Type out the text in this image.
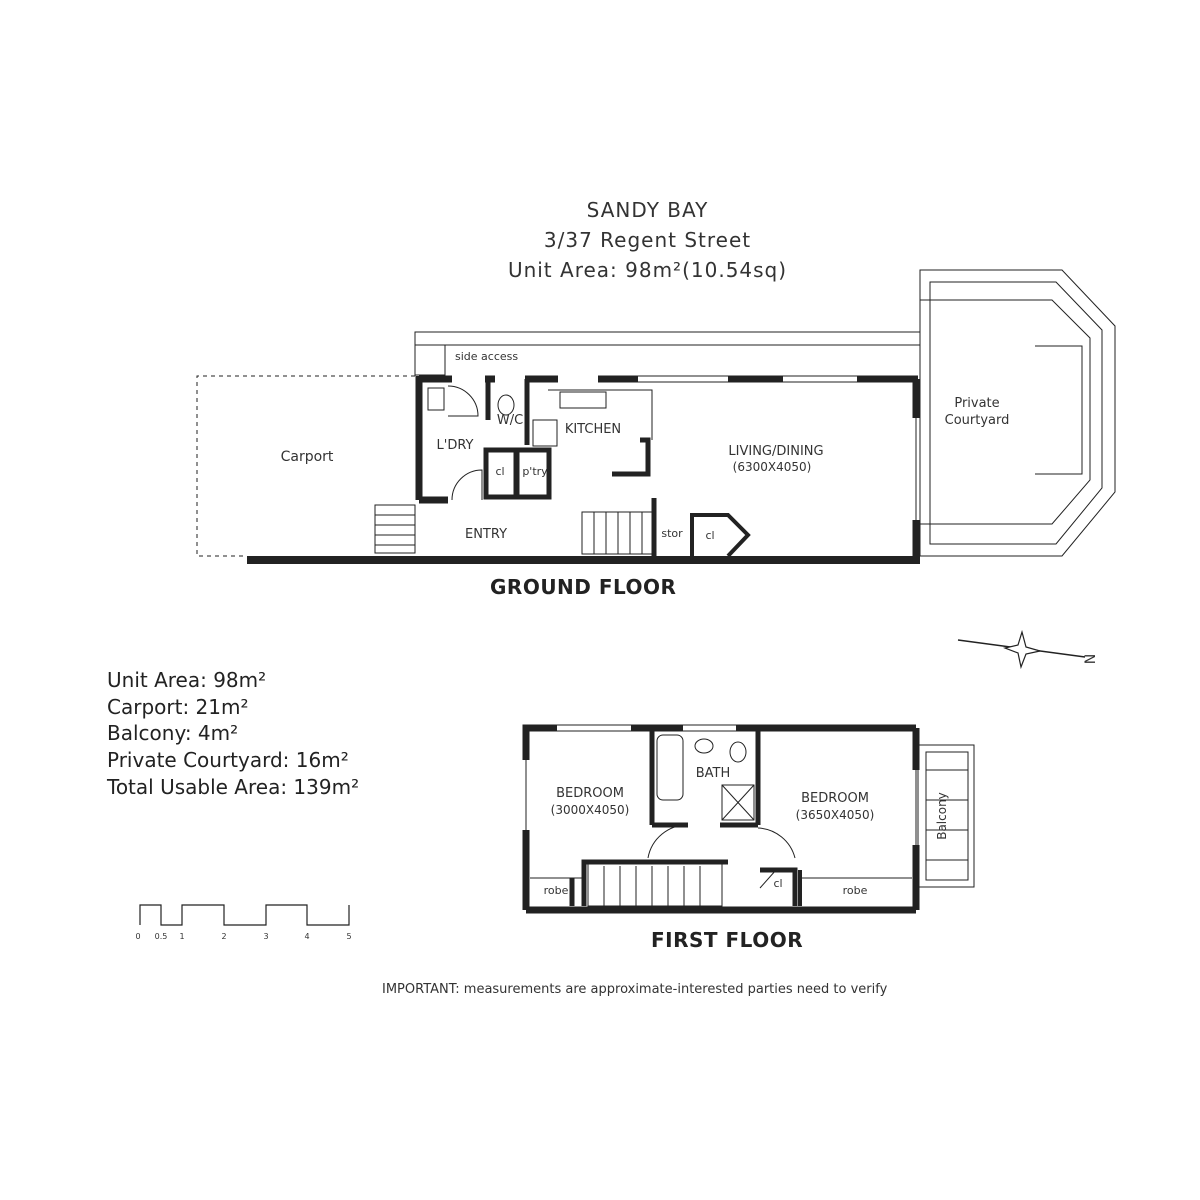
SANDY BAY
3/37 Regent Street
Unit Area: 98m²(10.54sq)
Carport
side access
L'DRY
W/C
KITCHEN
cl p'try
ENTRY
LIVING/DINING
(6300X4050)
stor cl
Private
Courtyard
BEDROOM
(3000X4050)
BATH
BEDROOM
(3650X4050)
robe	robe
cl
Balcony
N
0 0.5 1	2	3	4	5
GROUND FLOOR
FIRST FLOOR
Unit Area: 98m²
Carport: 21m²
Balcony: 4m²
Private Courtyard: 16m²
Total Usable Area: 139m²
IMPORTANT: measurements are approximate-interested parties need to verify
